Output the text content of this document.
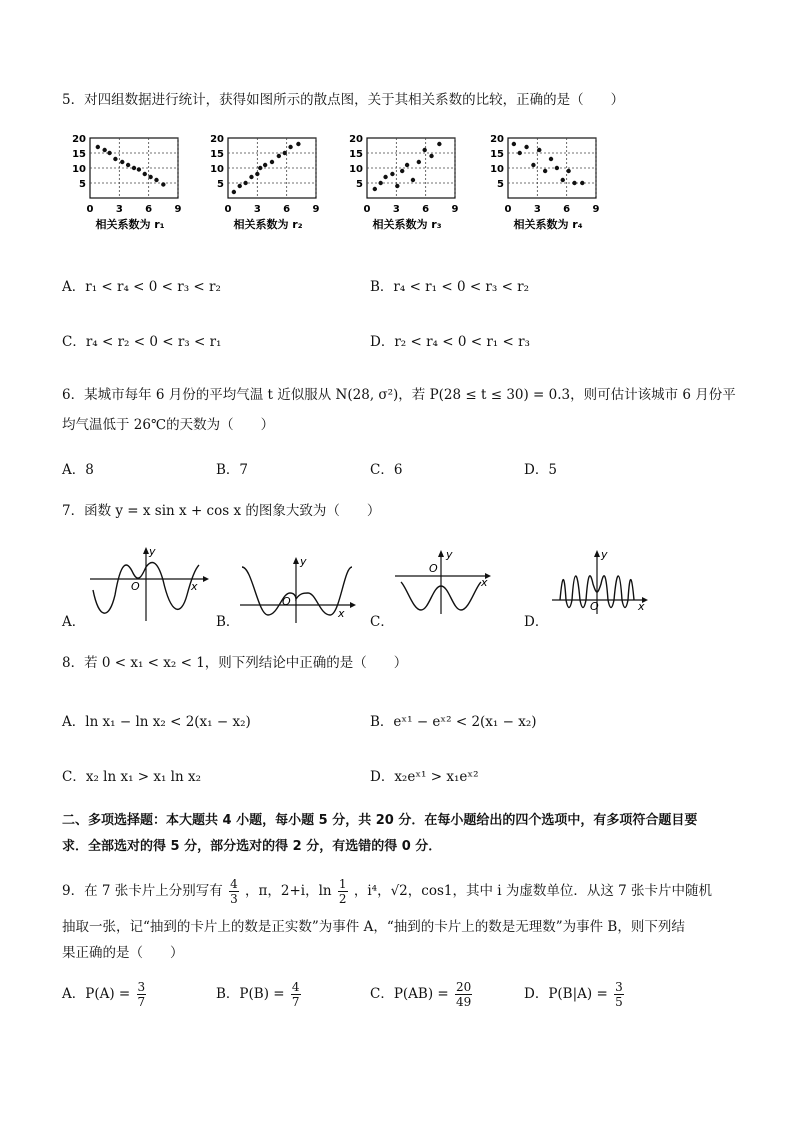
5．对四组数据进行统计，获得如图所示的散点图，关于其相关系数的比较，正确的是（　　）
20
15
10
5
0 3 6 9
相关系数为 r₁
20
15
10
5
0 3 6 9
相关系数为 r₂
20
15
10
5
0 3 6 9
相关系数为 r₃
20
15
10
5
0 3 6 9
相关系数为 r₄
A．r₁ < r₄ < 0 < r₃ < r₂	B．r₄ < r₁ < 0 < r₃ < r₂
C．r₄ < r₂ < 0 < r₃ < r₁	D．r₂ < r₄ < 0 < r₁ < r₃
6．某城市每年 6 月份的平均气温 t 近似服从 N(28, σ²)，若 P(28 ≤ t ≤ 30) = 0.3，则可估计该城市 6 月份平
均气温低于 26℃的天数为（　　）
A．8	B．7	C．6	D．5
7．函数 y = x sin x + cos x 的图象大致为（　　）
A．	B．	C．	D．
x
y
O
x
y
O
x
y
O
x
y
O
8．若 0 < x₁ < x₂ < 1，则下列结论中正确的是（　　）
A．ln x₁ − ln x₂ < 2(x₁ − x₂)	B．eˣ¹ − eˣ² < 2(x₁ − x₂)
C．x₂ ln x₁ > x₁ ln x₂	D．x₂eˣ¹ > x₁eˣ²
二、多项选择题：本大题共 4 小题，每小题 5 分，共 20 分．在每小题给出的四个选项中，有多项符合题目要
求．全部选对的得 5 分，部分选对的得 2 分，有选错的得 0 分．
9．在 7 张卡片上分别写有 $\frac{4}{3}$ ，π，2+i，$\ln \frac{1}{2}$ ，i⁴，√2，cos1，其中 i 为虚数单位．从这 7 张卡片中随机
抽取一张，记“抽到的卡片上的数是正实数”为事件 A，“抽到的卡片上的数是无理数”为事件 B，则下列结
果正确的是（　　）
A．$P(A) = \frac{3}{7}$	B．$P(B) = \frac{4}{7}$	C．$P(AB) = \frac{20}{49}$	D．$P(B|A) = \frac{3}{5}$
